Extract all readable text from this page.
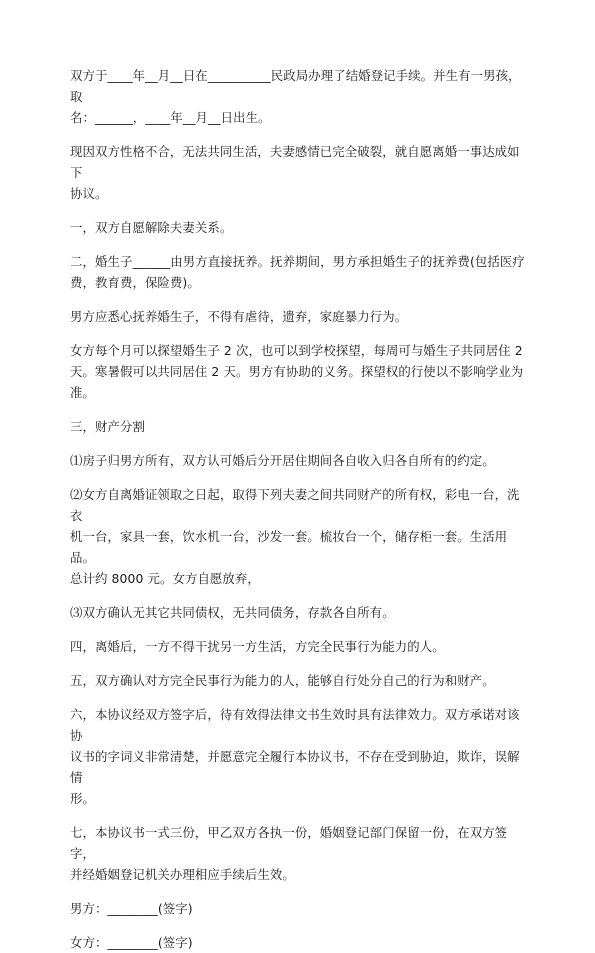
双方于____年__月__日在__________民政局办理了结婚登记手续。并生有一男孩，取
名：______，____年__月__日出生。

现因双方性格不合，无法共同生活，夫妻感情已完全破裂，就自愿离婚一事达成如下
协议。

一，双方自愿解除夫妻关系。

二，婚生子______由男方直接抚养。抚养期间，男方承担婚生子的抚养费(包括医疗
费，教育费，保险费)。

男方应悉心抚养婚生子，不得有虐待，遗弃，家庭暴力行为。

女方每个月可以探望婚生子 2 次，也可以到学校探望，每周可与婚生子共同居住 2
天。寒暑假可以共同居住 2 天。男方有协助的义务。探望权的行使以不影响学业为
准。

三，财产分割

⑴房子归男方所有，双方认可婚后分开居住期间各自收入归各自所有的约定。

⑵女方自离婚证领取之日起，取得下列夫妻之间共同财产的所有权，彩电一台，洗衣
机一台，家具一套，饮水机一台，沙发一套。梳妆台一个，储存柜一套。生活用品。
总计约 8000 元。女方自愿放弃，

⑶双方确认无其它共同债权，无共同债务，存款各自所有。

四，离婚后，一方不得干扰另一方生活，方完全民事行为能力的人。

五，双方确认对方完全民事行为能力的人，能够自行处分自己的行为和财产。

六，本协议经双方签字后，待有效得法律文书生效时具有法律效力。双方承诺对该协
议书的字词义非常清楚，并愿意完全履行本协议书，不存在受到胁迫，欺诈，误解情
形。

七，本协议书一式三份，甲乙双方各执一份，婚姻登记部门保留一份，在双方签字，
并经婚姻登记机关办理相应手续后生效。

男方：________(签字)

女方：________(签字)
